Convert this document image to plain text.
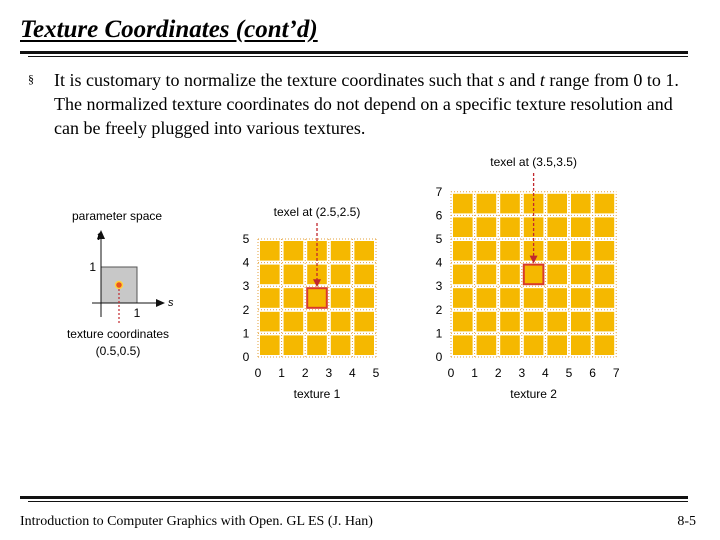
Texture Coordinates (cont’d)
§ It is customary to normalize the texture coordinates such that s and t range from 0 to 1. The normalized texture coordinates do not depend on a specific texture resolution and can be freely plugged into various textures.
parameter space
t
s
1
1
texture coordinates
(0.5,0.5)
0 1 2 3 4 5
0
1
2
3
4
5
texture 1
texel at (2.5,2.5)
0 1 2 3 4 5 6 7
0
1
2
3
4
5
6
7
texture 2
texel at (3.5,3.5)
Introduction to Computer Graphics with Open. GL ES (J. Han)	8-5
